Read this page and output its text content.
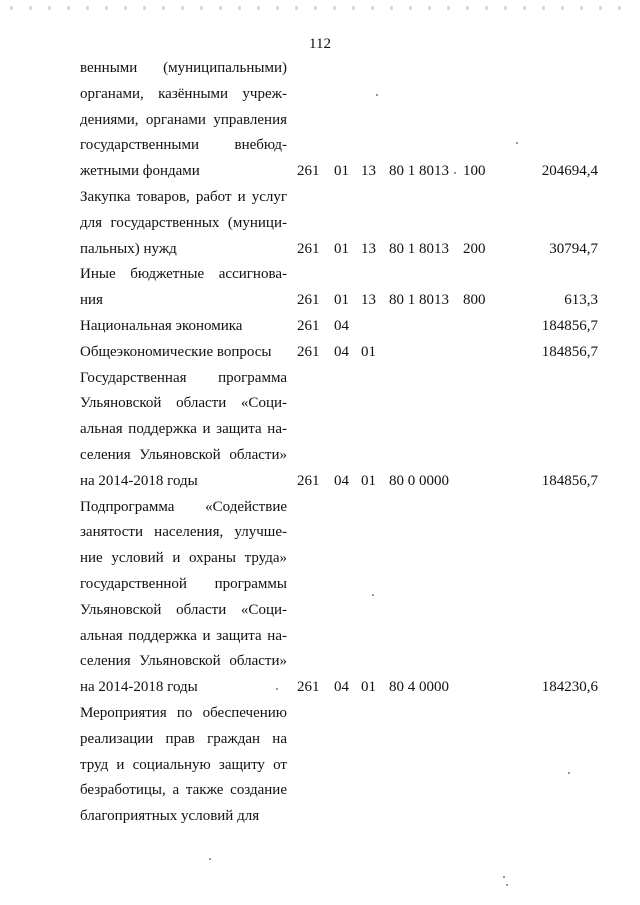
112
венными (муниципальными)
органами, казёнными учреж-
дениями, органами управления
государственными внебюд-
жетными фондами	261 01 13 80 1 8013 100	204694,4
Закупка товаров, работ и услуг
для государственных (муници-
пальных) нужд	261 01 13 80 1 8013 200	30794,7
Иные бюджетные ассигнова-
ния	261 01 13 80 1 8013 800	613,3
Национальная экономика	261 04	184856,7
Общеэкономические вопросы	261 04 01	184856,7
Государственная программа
Ульяновской области «Соци-
альная поддержка и защита на-
селения Ульяновской области»
на 2014-2018 годы	261 04 01 80 0 0000	184856,7
Подпрограмма «Содействие
занятости населения, улучше-
ние условий и охраны труда»
государственной программы
Ульяновской области «Соци-
альная поддержка и защита на-
селения Ульяновской области»
на 2014-2018 годы	261 04 01 80 4 0000	184230,6
Мероприятия по обеспечению
реализации прав граждан на
труд и социальную защиту от
безработицы, а также создание
благоприятных условий для
